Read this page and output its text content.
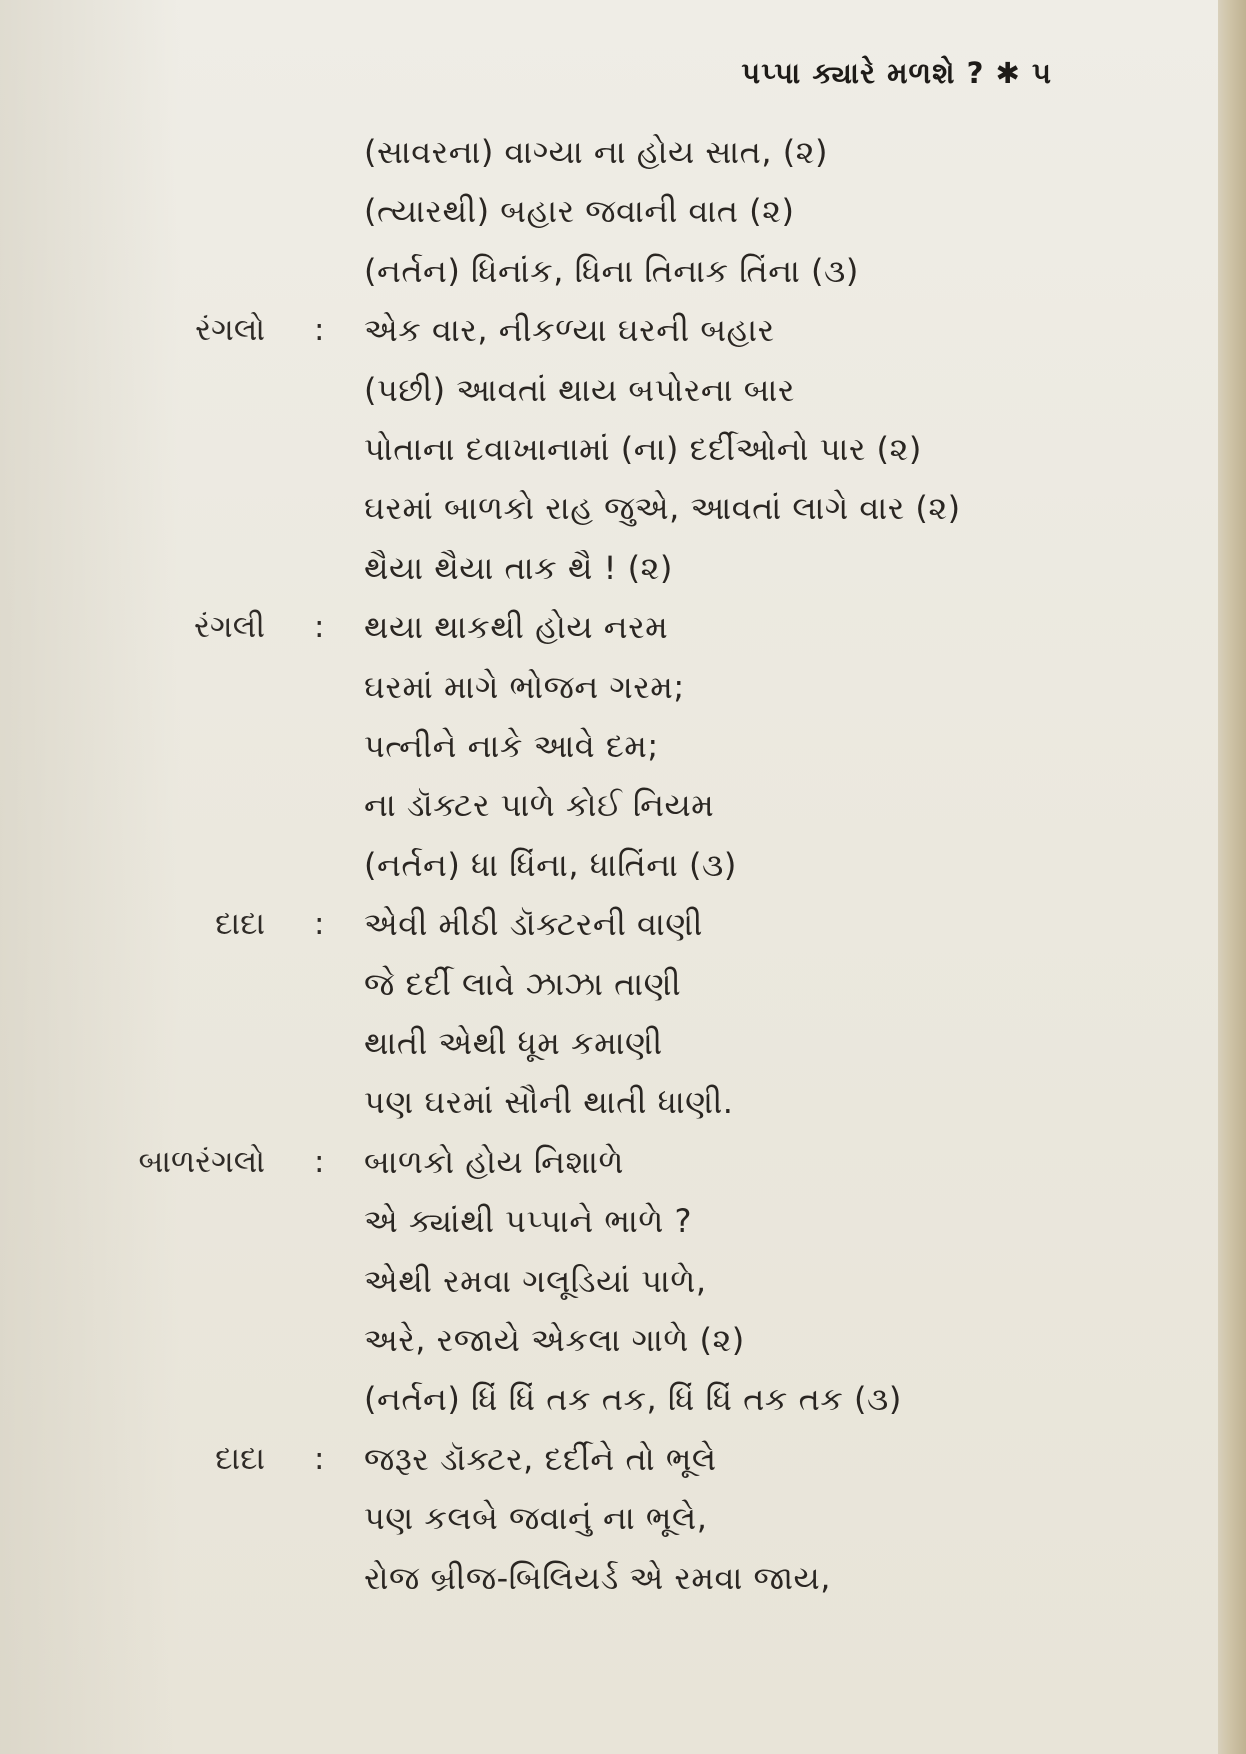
પપ્પા ક્યારે મળશે ? ✱ ૫
(સાવરના) વાગ્યા ના હોય સાત, (૨)
(ત્યારથી) બહાર જવાની વાત (૨)
(નર્તન) ધિનાંક, ધિના તિનાક તિંના (૩)
રંગલો : એક વાર, નીકળ્યા ઘરની બહાર
(પછી) આવતાં થાય બપોરના બાર
પોતાના દવાખાનામાં (ના) દર્દીઓનો પાર (૨)
ઘરમાં બાળકો રાહ જુએ, આવતાં લાગે વાર (૨)
થૈયા થૈયા તાક થૈ ! (૨)
રંગલી : થયા થાકથી હોય નરમ
ઘરમાં માગે ભોજન ગરમ;
પત્નીને નાકે આવે દમ;
ના ડૉક્ટર પાળે કોઈ નિયમ
(નર્તન) ધા ધિંના, ધાતિંના (૩)
દાદા : એવી મીઠી ડૉક્ટરની વાણી
જે દર્દી લાવે ઝાઝા તાણી
થાતી એથી ધૂમ કમાણી
પણ ઘરમાં સૌની થાતી ધાણી.
બાળરંગલો : બાળકો હોય નિશાળે
એ ક્યાંથી પપ્પાને ભાળે ?
એથી રમવા ગલૂડિયાં પાળે,
અરે, રજાયે એકલા ગાળે (૨)
(નર્તન) ધિં ધિં તક તક, ધિં ધિં તક તક (૩)
દાદા : જરૂર ડૉક્ટર, દર્દીને તો ભૂલે
પણ કલબે જવાનું ના ભૂલે,
રોજ બ્રીજ-બિલિયર્ડ એ રમવા જાય,
